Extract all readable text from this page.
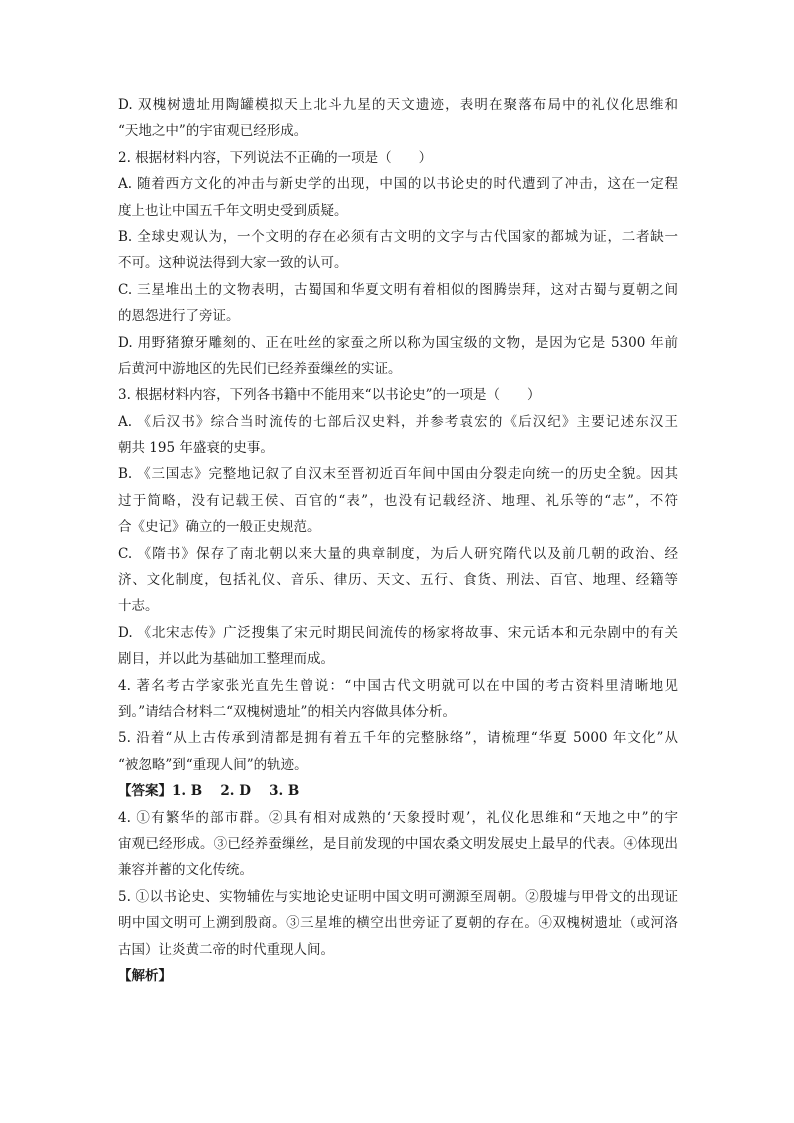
D. 双槐树遗址用陶罐模拟天上北斗九星的天文遗迹，表明在聚落布局中的礼仪化思维和
“天地之中”的宇宙观已经形成。
2. 根据材料内容，下列说法不正确的一项是（　　）
A. 随着西方文化的冲击与新史学的出现，中国的以书论史的时代遭到了冲击，这在一定程
度上也让中国五千年文明史受到质疑。
B. 全球史观认为，一个文明的存在必须有古文明的文字与古代国家的都城为证，二者缺一
不可。这种说法得到大家一致的认可。
C. 三星堆出土的文物表明，古蜀国和华夏文明有着相似的图腾崇拜，这对古蜀与夏朝之间
的恩怨进行了旁证。
D. 用野猪獠牙雕刻的、正在吐丝的家蚕之所以称为国宝级的文物，是因为它是 5300 年前
后黄河中游地区的先民们已经养蚕缫丝的实证。
3. 根据材料内容，下列各书籍中不能用来“以书论史”的一项是（　　）
A. 《后汉书》综合当时流传的七部后汉史料，并参考袁宏的《后汉纪》主要记述东汉王
朝共 195 年盛衰的史事。
B. 《三国志》完整地记叙了自汉末至晋初近百年间中国由分裂走向统一的历史全貌。因其
过于简略，没有记载王侯、百官的“表”，也没有记载经济、地理、礼乐等的“志”，不符
合《史记》确立的一般正史规范。
C. 《隋书》保存了南北朝以来大量的典章制度，为后人研究隋代以及前几朝的政治、经
济、文化制度，包括礼仪、音乐、律历、天文、五行、食货、刑法、百官、地理、经籍等
十志。
D. 《北宋志传》广泛搜集了宋元时期民间流传的杨家将故事、宋元话本和元杂剧中的有关
剧目，并以此为基础加工整理而成。
4. 著名考古学家张光直先生曾说：“中国古代文明就可以在中国的考古资料里清晰地见
到。”请结合材料二“双槐树遗址”的相关内容做具体分析。
5. 沿着“从上古传承到清都是拥有着五千年的完整脉络”，请梳理“华夏 5000 年文化”从
“被忽略”到“重现人间”的轨迹。
【答案】1. B　 2. D　 3. B
4. ①有繁华的部市群。②具有相对成熟的‘天象授时观’，礼仪化思维和“天地之中”的宇
宙观已经形成。③已经养蚕缫丝，是目前发现的中国农桑文明发展史上最早的代表。④体现出
兼容并蓄的文化传统。
5. ①以书论史、实物辅佐与实地论史证明中国文明可溯源至周朝。②殷墟与甲骨文的出现证
明中国文明可上溯到殷商。③三星堆的横空出世旁证了夏朝的存在。④双槐树遗址（或河洛
古国）让炎黄二帝的时代重现人间。
【解析】
